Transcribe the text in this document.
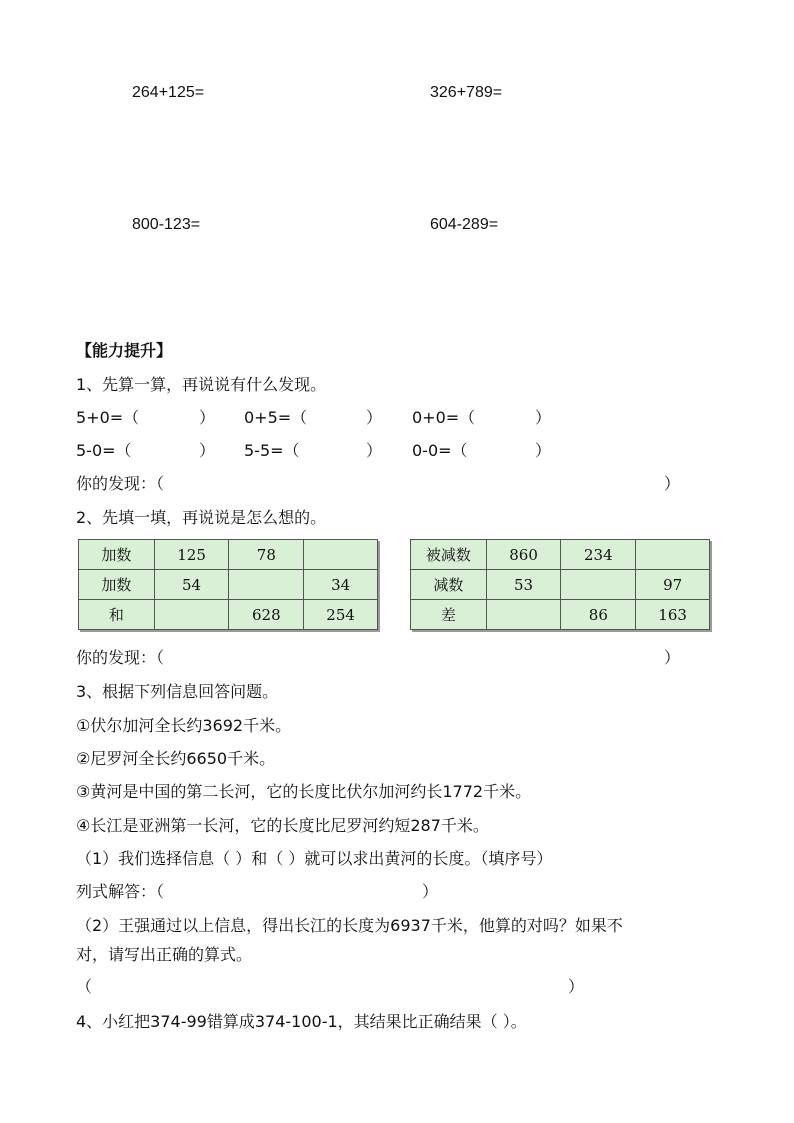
264+125=	326+789=
800-123=	604-289=
【能力提升】
1、先算一算，再说说有什么发现。
5+0=（	） 0+5=（	） 0+0=（	）
5-0=（	） 5-5=（	） 0-0=（	）
你的发现：（	）
2、先填一填，再说说是怎么想的。
加数	125	78	
加数	54		34
和		628	254
被减数	860	234	
减数	53		97
差		86	163
你的发现：（	）
3、根据下列信息回答问题。
①伏尔加河全长约3692千米。
②尼罗河全长约6650千米。
③黄河是中国的第二长河，它的长度比伏尔加河约长1772千米。
④长江是亚洲第一长河，它的长度比尼罗河约短287千米。
（1）我们选择信息（ ）和（ ）就可以求出黄河的长度。（填序号）
列式解答：（	）
（2）王强通过以上信息，得出长江的长度为6937千米，他算的对吗？如果不
对，请写出正确的算式。
（	）
4、小红把374-99错算成374-100-1，其结果比正确结果（ ）。
